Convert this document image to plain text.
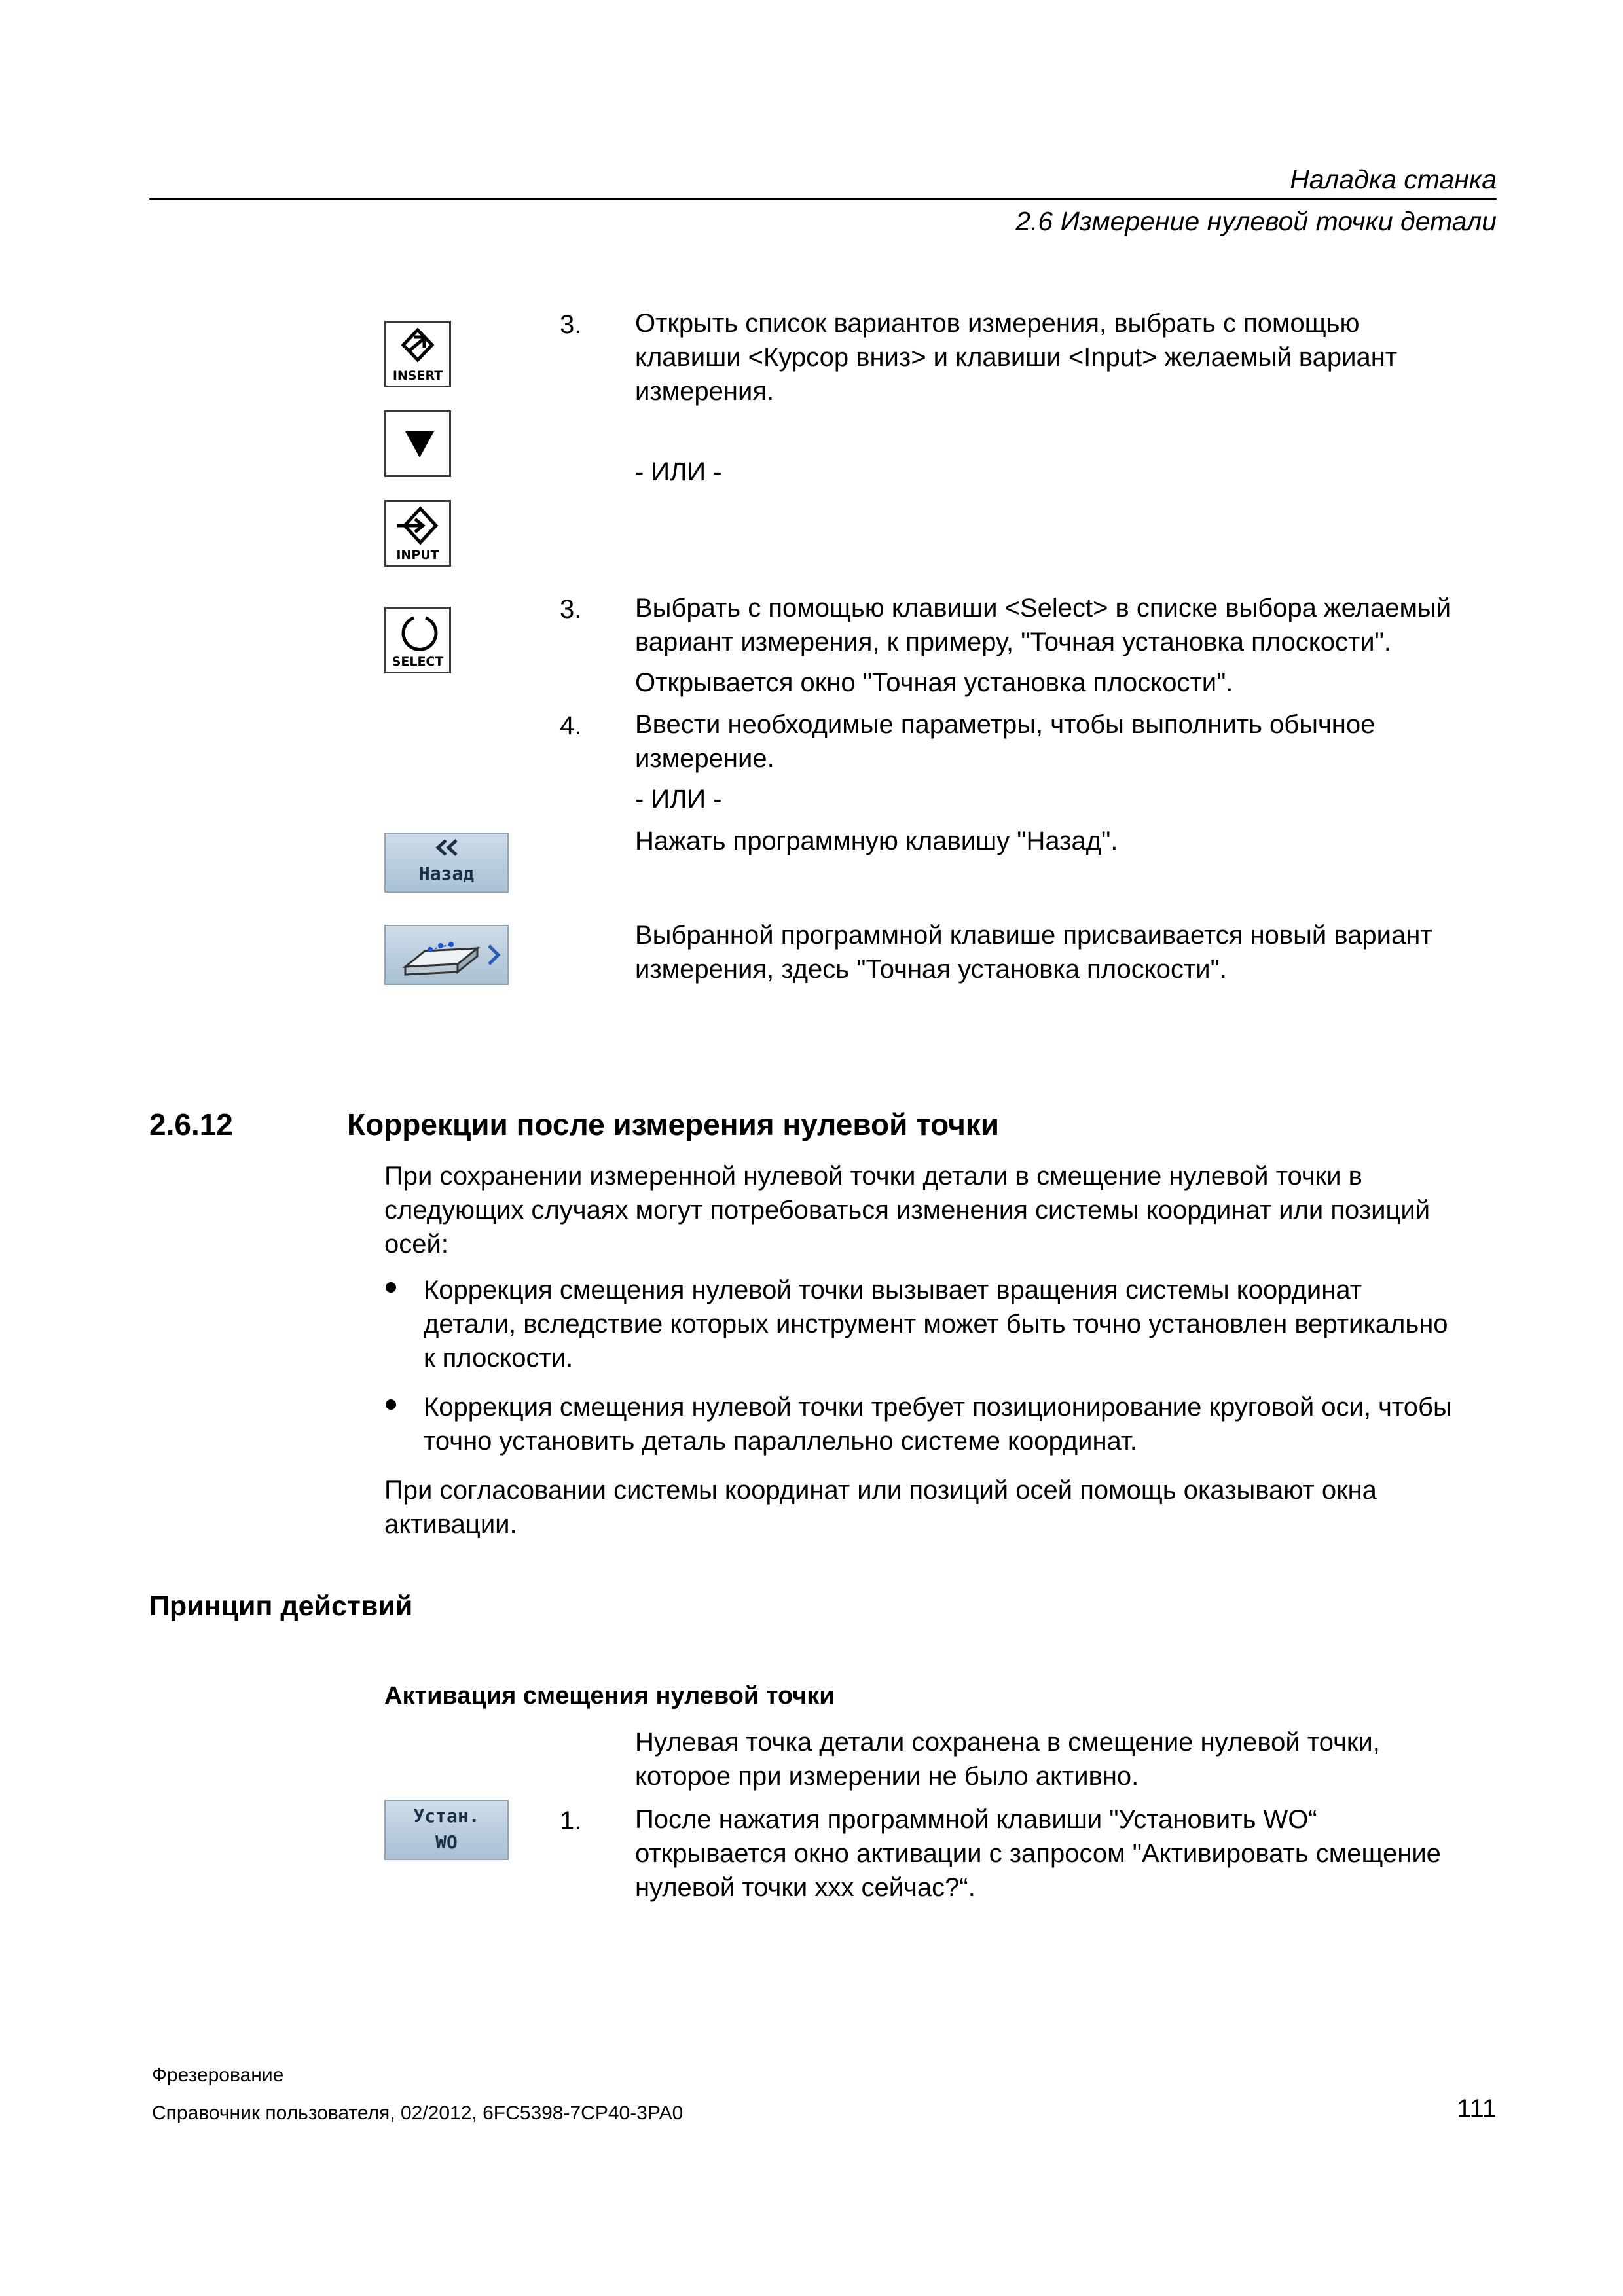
Наладка станка
2.6 Измерение нулевой точки детали
INSERT
INPUT
SELECT
Назад
3. Открыть список вариантов измерения, выбрать с помощью
клавиши <Курсор вниз> и клавиши <Input> желаемый вариант
измерения.
- ИЛИ -
3. Выбрать с помощью клавиши <Select> в списке выбора желаемый
вариант измерения, к примеру, "Точная установка плоскости".
Открывается окно "Точная установка плоскости".
4. Ввести необходимые параметры, чтобы выполнить обычное
измерение.
- ИЛИ -
Нажать программную клавишу "Назад".
Выбранной программной клавише присваивается новый вариант
измерения, здесь "Точная установка плоскости".
2.6.12	Коррекции после измерения нулевой точки
При сохранении измеренной нулевой точки детали в смещение нулевой точки в
следующих случаях могут потребоваться изменения системы координат или позиций
осей:
Коррекция смещения нулевой точки вызывает вращения системы координат
детали, вследствие которых инструмент может быть точно установлен вертикально
к плоскости.
Коррекция смещения нулевой точки требует позиционирование круговой оси, чтобы
точно установить деталь параллельно системе координат.
При согласовании системы координат или позиций осей помощь оказывают окна
активации.
Принцип действий
Активация смещения нулевой точки
Нулевая точка детали сохранена в смещение нулевой точки,
которое при измерении не было активно.
Устан.
WO
1. После нажатия программной клавиши "Установить WO“
открывается окно активации с запросом "Активировать смещение
нулевой точки xxx сейчас?“.
Фрезерование
Справочник пользователя, 02/2012, 6FC5398-7CP40-3PA0	111
